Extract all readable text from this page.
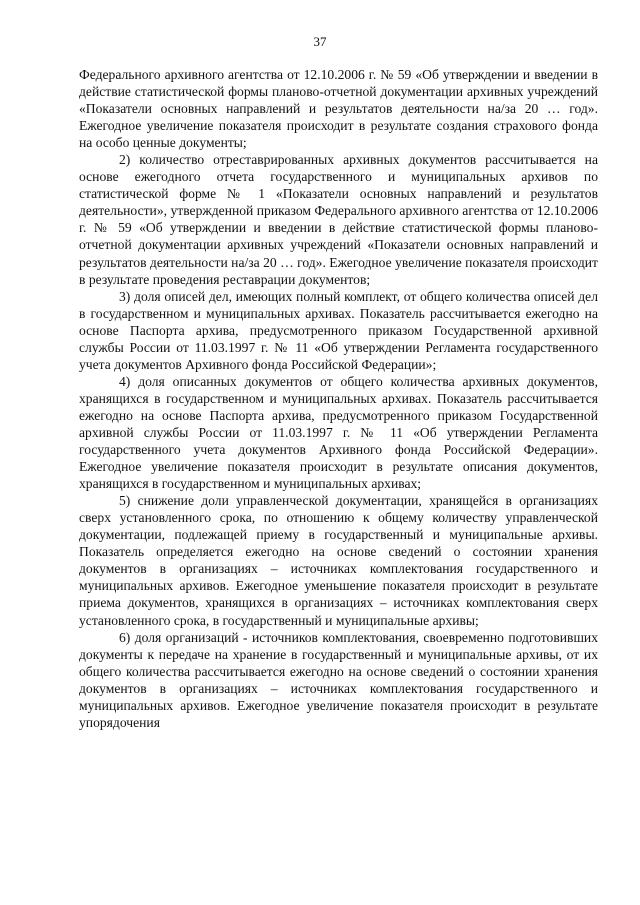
37

Федерального архивного агентства от 12.10.2006 г. № 59 «Об утверждении и введении в действие статистической формы планово-отчетной документации архивных учреждений «Показатели основных направлений и результатов деятельности на/за 20 … год». Ежегодное увеличение показателя происходит в результате создания страхового фонда на особо ценные документы;

2) количество отреставрированных архивных документов рассчитывается на основе ежегодного отчета государственного и муниципальных архивов по статистической форме № 1 «Показатели основных направлений и результатов деятельности», утвержденной приказом Федерального архивного агентства от 12.10.2006 г. № 59 «Об утверждении и введении в действие статистической формы планово-отчетной документации архивных учреждений «Показатели основных направлений и результатов деятельности на/за 20 … год». Ежегодное увеличение показателя происходит в результате проведения реставрации документов;

3) доля описей дел, имеющих полный комплект, от общего количества описей дел в государственном и муниципальных архивах. Показатель рассчитывается ежегодно на основе Паспорта архива, предусмотренного приказом Государственной архивной службы России от 11.03.1997 г. № 11 «Об утверждении Регламента государственного учета документов Архивного фонда Российской Федерации»;

4) доля описанных документов от общего количества архивных документов, хранящихся в государственном и муниципальных архивах. Показатель рассчитывается ежегодно на основе Паспорта архива, предусмотренного приказом Государственной архивной службы России от 11.03.1997 г. № 11 «Об утверждении Регламента государственного учета документов Архивного фонда Российской Федерации». Ежегодное увеличение показателя происходит в результате описания документов, хранящихся в государственном и муниципальных архивах;

5) снижение доли управленческой документации, хранящейся в организациях сверх установленного срока, по отношению к общему количеству управленческой документации, подлежащей приему в государственный и муниципальные архивы. Показатель определяется ежегодно на основе сведений о состоянии хранения документов в организациях – источниках комплектования государственного и муниципальных архивов. Ежегодное уменьшение показателя происходит в результате приема документов, хранящихся в организациях – источниках комплектования сверх установленного срока, в государственный и муниципальные архивы;

6) доля организаций - источников комплектования, своевременно подготовивших документы к передаче на хранение в государственный и муниципальные архивы, от их общего количества рассчитывается ежегодно на основе сведений о состоянии хранения документов в организациях – источниках комплектования государственного и муниципальных архивов. Ежегодное увеличение показателя происходит в результате упорядочения
